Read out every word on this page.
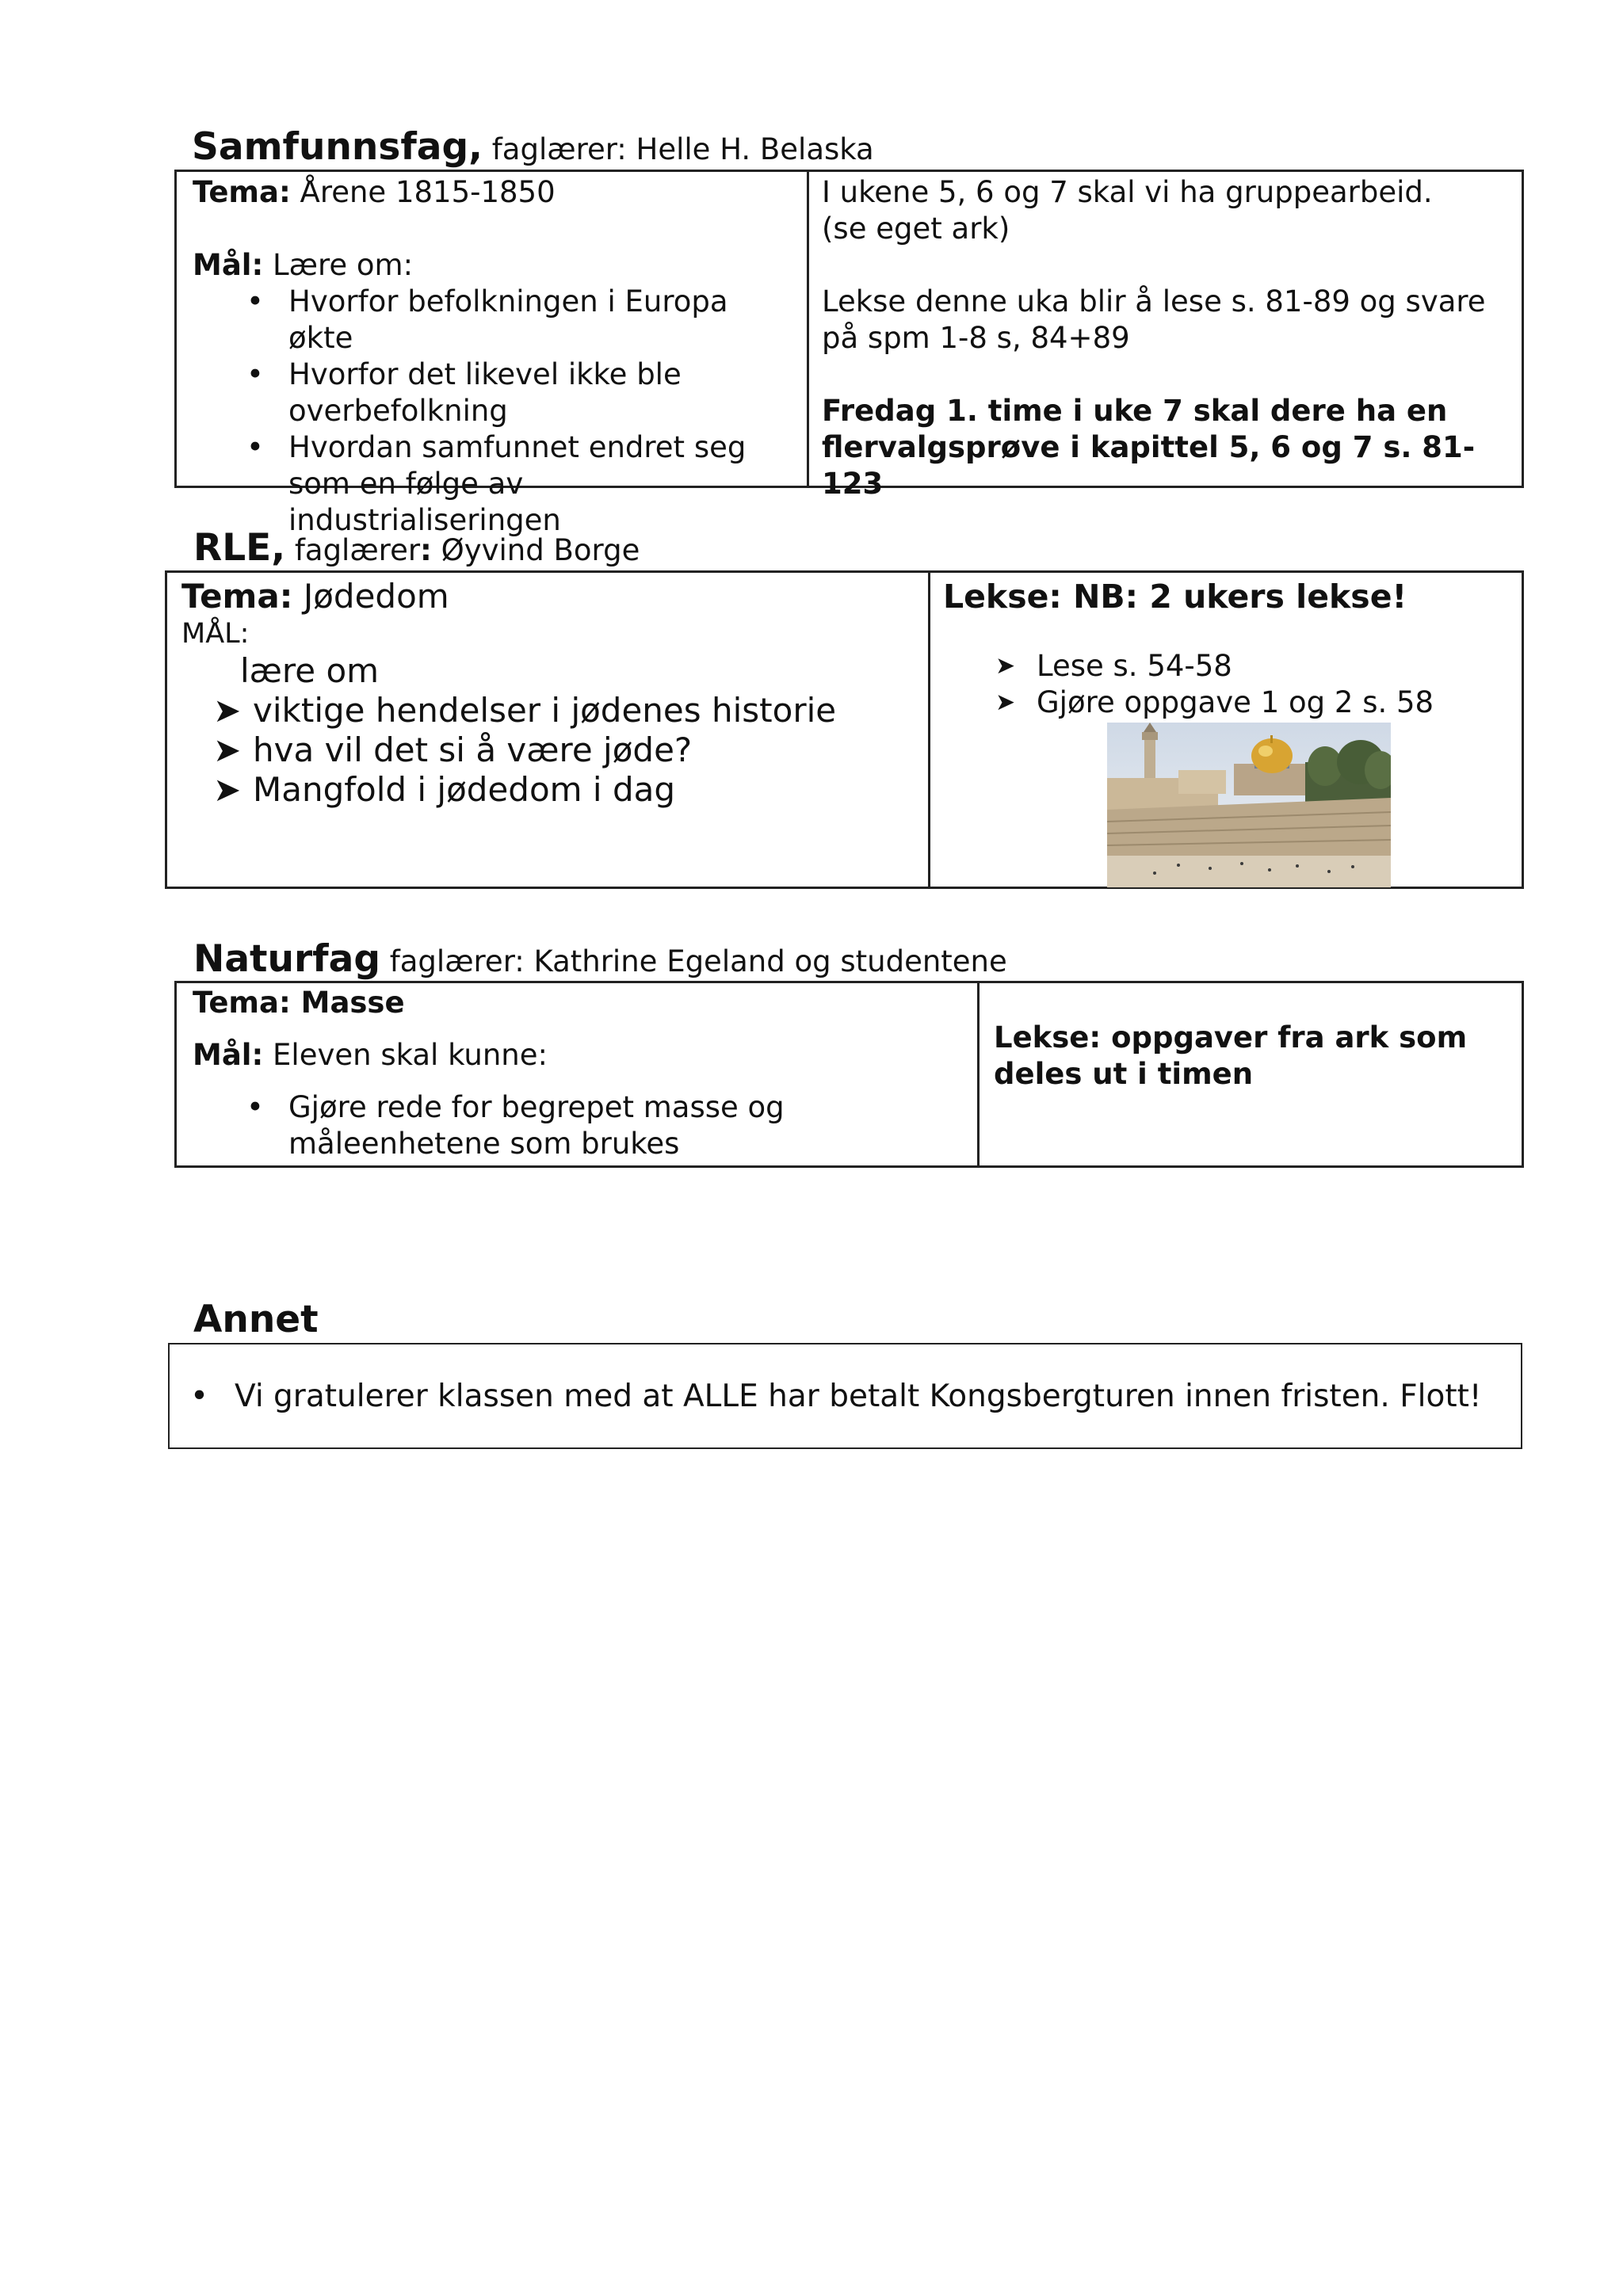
Samfunnsfag, faglærer: Helle H. Belaska
Tema: Årene 1815-1850
Mål: Lære om:
• Hvorfor befolkningen i Europa økte
• Hvorfor det likevel ikke ble overbefolkning
• Hvordan samfunnet endret seg som en følge av industrialiseringen
I ukene 5, 6 og 7 skal vi ha gruppearbeid.
(se eget ark)
Lekse denne uka blir å lese s. 81-89 og svare på spm 1-8 s, 84+89
Fredag 1. time i uke 7 skal dere ha en flervalgsprøve i kapittel 5, 6 og 7 s. 81-123
RLE, faglærer: Øyvind Borge
Tema: Jødedom
MÅL:
lære om
➤ viktige hendelser i jødenes historie
➤ hva vil det si å være jøde?
➤ Mangfold i jødedom i dag
Lekse: NB: 2 ukers lekse!
➤ Lese s. 54-58
➤ Gjøre oppgave 1 og 2 s. 58
Naturfag faglærer: Kathrine Egeland og studentene
Tema: Masse
Mål: Eleven skal kunne:
• Gjøre rede for begrepet masse og måleenhetene som brukes
Lekse: oppgaver fra ark som deles ut i timen
Annet
• Vi gratulerer klassen med at ALLE har betalt Kongsbergturen innen fristen. Flott!
